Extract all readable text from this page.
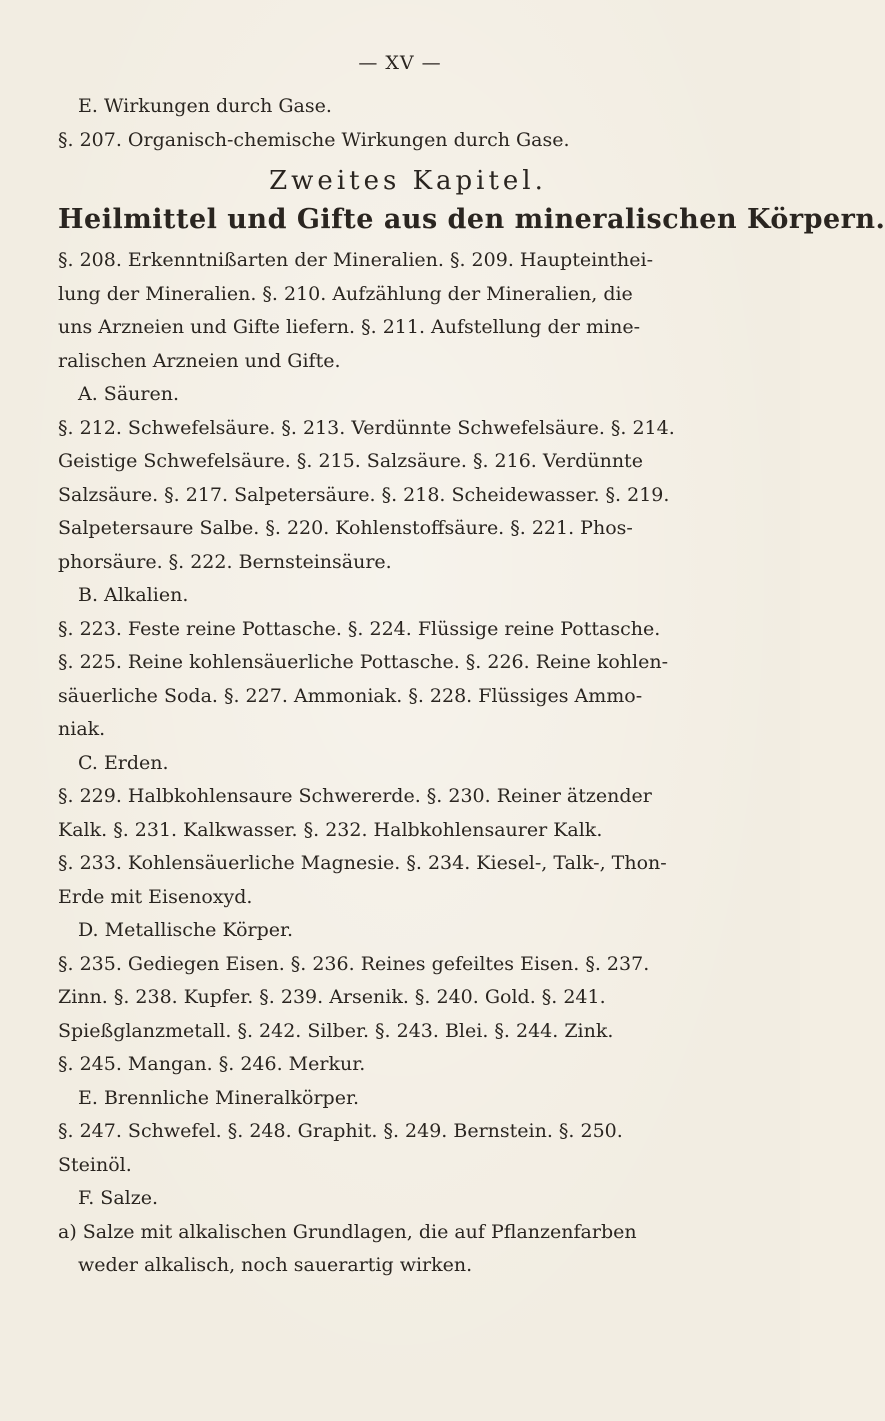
— XV —
E. Wirkungen durch Gase.
§. 207. Organisch-chemische Wirkungen durch Gase.
Zweites Kapitel.
Heilmittel und Gifte aus den mineralischen Körpern.
§. 208. Erkenntnißarten der Mineralien. §. 209. Haupteinthei-
lung der Mineralien. §. 210. Aufzählung der Mineralien, die
uns Arzneien und Gifte liefern. §. 211. Aufstellung der mine-
ralischen Arzneien und Gifte.
A. Säuren.
§. 212. Schwefelsäure. §. 213. Verdünnte Schwefelsäure. §. 214.
Geistige Schwefelsäure. §. 215. Salzsäure. §. 216. Verdünnte
Salzsäure. §. 217. Salpetersäure. §. 218. Scheidewasser. §. 219.
Salpetersaure Salbe. §. 220. Kohlenstoffsäure. §. 221. Phos-
phorsäure. §. 222. Bernsteinsäure.
B. Alkalien.
§. 223. Feste reine Pottasche. §. 224. Flüssige reine Pottasche.
§. 225. Reine kohlensäuerliche Pottasche. §. 226. Reine kohlen-
säuerliche Soda. §. 227. Ammoniak. §. 228. Flüssiges Ammo-
niak.
C. Erden.
§. 229. Halbkohlensaure Schwererde. §. 230. Reiner ätzender
Kalk. §. 231. Kalkwasser. §. 232. Halbkohlensaurer Kalk.
§. 233. Kohlensäuerliche Magnesie. §. 234. Kiesel-, Talk-, Thon-
Erde mit Eisenoxyd.
D. Metallische Körper.
§. 235. Gediegen Eisen. §. 236. Reines gefeiltes Eisen. §. 237.
Zinn. §. 238. Kupfer. §. 239. Arsenik. §. 240. Gold. §. 241.
Spießglanzmetall. §. 242. Silber. §. 243. Blei. §. 244. Zink.
§. 245. Mangan. §. 246. Merkur.
E. Brennliche Mineralkörper.
§. 247. Schwefel. §. 248. Graphit. §. 249. Bernstein. §. 250.
Steinöl.
F. Salze.
a) Salze mit alkalischen Grundlagen, die auf Pflanzenfarben
weder alkalisch, noch sauerartig wirken.
